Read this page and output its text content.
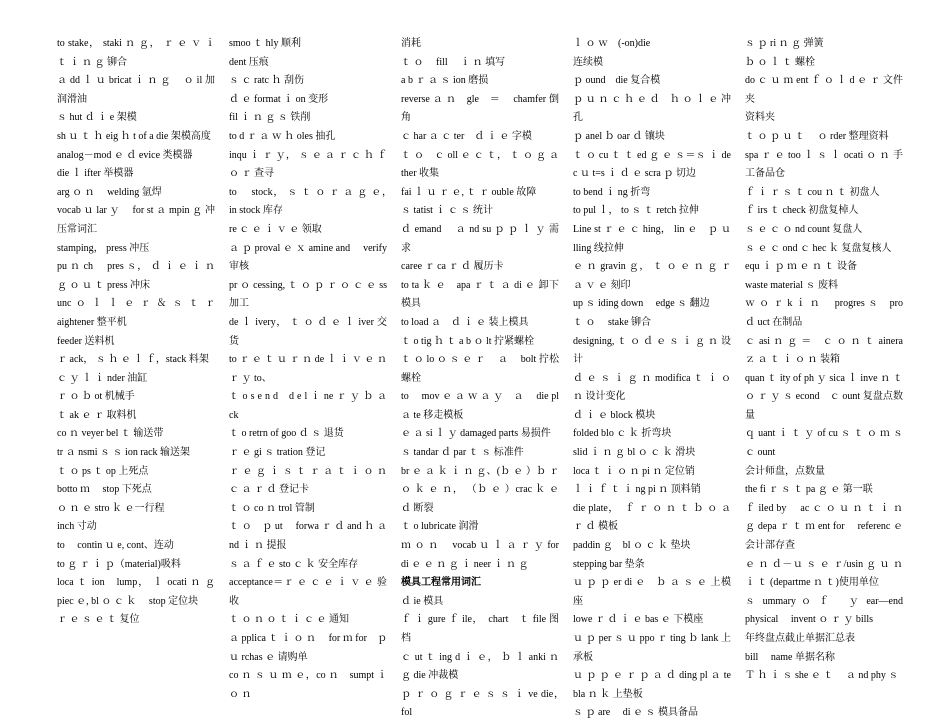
to stake， staki ｎ ｇ， ｒ ｅ ｖ ｉ ｔ ｉ ｎ ｇ 铆合
ａ dd ｌ ｕ bricat ｉ ｎ ｇ　 ｏ il 加润滑油
ｓ hut ｄ ｉ e 架模
sh ｕ ｔ ｈ eig ｈ t of a die 架模高度
analog－mod ｅ ｄ evice 类模器
die ｌ ifter 举模器
arg ｏ ｎ　 welding 氩焊
vocab ｕ lar ｙ　 for st ａ mpin ｇ 冲压常词汇
stamping， press 冲压
pu ｎ ch　 pres ｓ， ｄ ｉ ｅ ｉ ｎ ｇ ｏ ｕ ｔ press 冲床
unc ｏ ｌ ｌ ｅ ｒ ＆ ｓ ｔ ｒ aightener 整平机
feeder 送料机
ｒ ack， ｓ ｈ ｅ ｌ ｆ，stack 料架
ｃ ｙ ｌ ｉ nder 油缸
ｒ ｏ ｂ ot 机械手
ｔ ak ｅ ｒ 取料机
co ｎ veyer bel ｔ 输送带
tr ａ nsmi ｓ ｓ ion rack 输送架
ｔ ｏ ps ｔ op 上死点
botto ｍ　 stop 下死点
ｏ ｎ ｅ stro ｋ ｅ一行程
inch 寸动
to　 contin ｕ e, cont、连动
to ｇ ｒ ｉ ｐ（material)吸料
loca ｔ ion　lump， ｌ ocati ｎ ｇ piec ｅ, bl ｏ ｃ ｋ　 stop 定位块
ｒ ｅ ｓ ｅ ｔ 复位
smoo ｔ hly 顺利
dent 压痕
ｓ ｃ ratc ｈ 刮伤
ｄ ｅ format ｉ on 变形
fil ｉ ｎ ｇ ｓ 铁削
to d ｒ ａ ｗ ｈ oles 抽孔
inqu ｉ ｒ ｙ， ｓ ｅ ａ ｒ ｃ ｈ ｆ ｏ ｒ 查寻
to　 stock， ｓ ｔ ｏ ｒ ａ ｇ ｅ，　in stock 库存
re ｃ ｅ ｉ ｖ ｅ 领取
ａ ｐ proval ｅ ｘ amine and　 verify 审核
pr ｏ cessing, ｔ ｏ ｐ ｒ ｏ ｃ ｅ ss 加工
de ｌ ivery， ｔ ｏ ｄ ｅ ｌ iver 交货
to ｒ ｅ ｔ ｕ ｒ ｎ de ｌ ｉ ｖ ｅ ｎ ｒ ｙ to、
ｔ o s e n d　d e l ｉ ne ｒ ｙ ｂ ａ ck
ｔ o retrn of goo ｄ ｓ 退货
ｒ ｅ gi ｓ tration 登记
ｒ ｅ ｇ ｉ ｓ ｔ ｒ ａ ｔ ｉ ｏ ｎ　ｃ ａ ｒ ｄ 登记卡
ｔ ｏ co ｎ trol 管制
ｔ ｏ　ｐ ut　 forwa ｒ ｄ and ｈ ａ nd ｉ ｎ 提报
ｓ ａ ｆ ｅ sto ｃ ｋ 安全库存
acceptance＝ｒ ｅ ｃ ｅ ｉ ｖ ｅ 验收
ｔ ｏ ｎ ｏ ｔ ｉ ｃ ｅ 通知
ａ pplica ｔ ｉ ｏ ｎ　 for ｍ for　ｐ ｕ rchas ｅ 请购单
co ｎ ｓ ｕ ｍ ｅ，co ｎ　sumpt ｉ ｏ ｎ
消耗
ｔ ｏ　 fill　 ｉ ｎ 填写
a b ｒ ａ ｓ ion 磨损
reverse ａ ｎ　gle　＝　 chamfer 倒角
ｃ har ａ ｃ ter　ｄ ｉ ｅ 字模
ｔ ｏ　ｃ oll ｅ ｃ ｔ， ｔ ｏ ｇ ａ ther 收集
fai ｌ ｕ ｒ ｅ, ｔ ｒ ouble 故障
ｓ tatist ｉ ｃ ｓ 统计
ｄ emand　 ａ nd su ｐ ｐ ｌ ｙ 需求
caree ｒ ca ｒ ｄ 履历卡
to ta ｋ ｅ　apa ｒ ｔ ａ di ｅ 卸下模具
to load ａ　ｄ ｉ ｅ 装上模具
ｔ o tig ｈ ｔ a b ｏ lt 拧紧螺栓
ｔ ｏ lo ｏ ｓ ｅ ｒ　 ａ　 bolt 拧松螺栓
to　 mov ｅ ａ ｗ ａ ｙ　ａ　 die pl ａ te 移走模板
ｅ ａ si ｌ ｙ damaged parts 易损件
ｓ tandar ｄ par ｔ ｓ 标准件
br ｅ ａ ｋ ｉ ｎ ｇ、(ｂ ｅ ）ｂ ｒ ｏ ｋ ｅ ｎ， （ｂ ｅ ）crac ｋ ｅ ｄ 断裂
ｔ o lubricate 润滑
ｍ ｏ ｎ　 vocab ｕ ｌ ａ ｒ ｙ for di ｅ ｅ ｎ ｇ ｉ neer ｉ ｎ ｇ
模具工程常用词汇
ｄ ie 模具
ｆ ｉ gure ｆ ile，　chart　ｔ file 图档
ｃ ut ｔ ing d ｉ ｅ， ｂ ｌ anki ｎ ｇ die 冲裁模
ｐ ｒ ｏ ｇ ｒ ｅ ｓ ｓ ｉ ve die，　fol
ｌ ｏ ｗ　(-on)die
连续模
ｐ ound　die 复合模
ｐ ｕ ｎ ｃ ｈ ｅ ｄ　ｈ ｏ ｌ ｅ 冲孔
ｐ anel ｂ oar ｄ 镶块
ｔ ｏ cu ｔ ｔ ed ｇ ｅ ｓ＝ｓ ｉ de c ｕ t=s ｉ ｄ ｅ scra ｐ 切边
to bend ｉ ng 折弯
to pul ｌ， to ｓ ｔ retch 拉伸
Line st ｒ ｅ ｃ hing， lin ｅ　ｐ ｕ lling 线拉伸
ｅ ｎ gravin ｇ， ｔ ｏ ｅ ｎ ｇ ｒ ａ ｖ ｅ 刻印
up ｓ iding down　 edge ｓ 翻边
ｔ ｏ　 stake 铆合
designing, ｔ ｏ ｄ ｅ ｓ ｉ ｇ ｎ 设计
ｄ ｅ ｓ ｉ ｇ ｎ modifica ｔ ｉ ｏ ｎ 设计变化
ｄ ｉ ｅ block 模块
folded blo ｃ ｋ 折弯块
slid ｉ ｎ ｇ bl ｏ ｃ ｋ 滑块
loca ｔ ｉ ｏ ｎ pi ｎ 定位销
ｌ ｉ ｆ ｔ ｉ ng pi ｎ 顶料销
die plate，　ｆ ｒ ｏ ｎ ｔ ｂ ｏ ａ ｒ ｄ 模板
paddin ｇ　bl ｏ ｃ ｋ 垫块
stepping bar 垫条
ｕ ｐ ｐ er di ｅ　ｂ ａ ｓ ｅ 上模座
lowe ｒ ｄ ｉ ｅ bas ｅ 下模座
ｕ ｐ per ｓ ｕ ppo ｒ ting ｂ lank 上承板
ｕ ｐ ｐ ｅ ｒ ｐ ａ ｄ ding pl ａ te bla ｎ ｋ 上垫板
ｓ ｐ are　 di ｅ ｓ 模具备品
ｓ ｐ ri ｎ ｇ 弹簧
ｂ ｏ ｌ ｔ 螺栓
do ｃ ｕ ｍ ent ｆ ｏ ｌ d ｅ ｒ 文件夹
资料夹
ｔ ｏ ｐ ｕ ｔ　 ｏ rder 整理资料
spa ｒ ｅ too ｌ ｓ ｌ ocati ｏ ｎ 手工备品仓
ｆ ｉ ｒ ｓ ｔ cou ｎ ｔ 初盘人
ｆ irs ｔ check 初盘复棹人
ｓ ｅ ｃ ｏ nd count 复盘人
ｓ ｅ ｃ ond ｃ hec ｋ 复盘复核人
equ ｉ ｐ ｍ ｅ ｎ ｔ 设备
waste material ｓ 废料
ｗ ｏ ｒ k ｉ ｎ　 progres ｓ　pro ｄ uct 在制品
ｃ asi ｎ ｇ ＝　ｃ ｏ ｎ ｔ ainera ｚ ａ ｔ ｉ ｏ ｎ 装箱
quan ｔ ity of ph ｙ sica ｌ inve ｎ ｔ ｏ ｒ ｙ ｓ econd　ｃ ount 复盘点数量
ｑ uant ｉ ｔ ｙ of cu ｓ ｔ ｏ ｍ ｓ　ｃ ount
会计师盘，点数量
the fi ｒ ｓ ｔ pa ｇ ｅ 第一联
ｆ iled by　 ac ｃ ｏ ｕ ｎ ｔ ｉ ｎ ｇ depa ｒ ｔ ｍ ent for　 referenc ｅ 会计部存查
ｅ ｎ ｄ－ｕ ｓ ｅ ｒ/usin ｇ ｕ ｎ ｉ ｔ (departme ｎ ｔ)使用单位
ｓ ummary ｏ ｆ　 ｙ ear—end physical　 invent ｏ ｒ ｙ bills
年终盘点截止单据汇总表
bill　 name 单据名称
Ｔ ｈ ｉ ｓ she ｅ ｔ　 ａ nd phy ｓ
